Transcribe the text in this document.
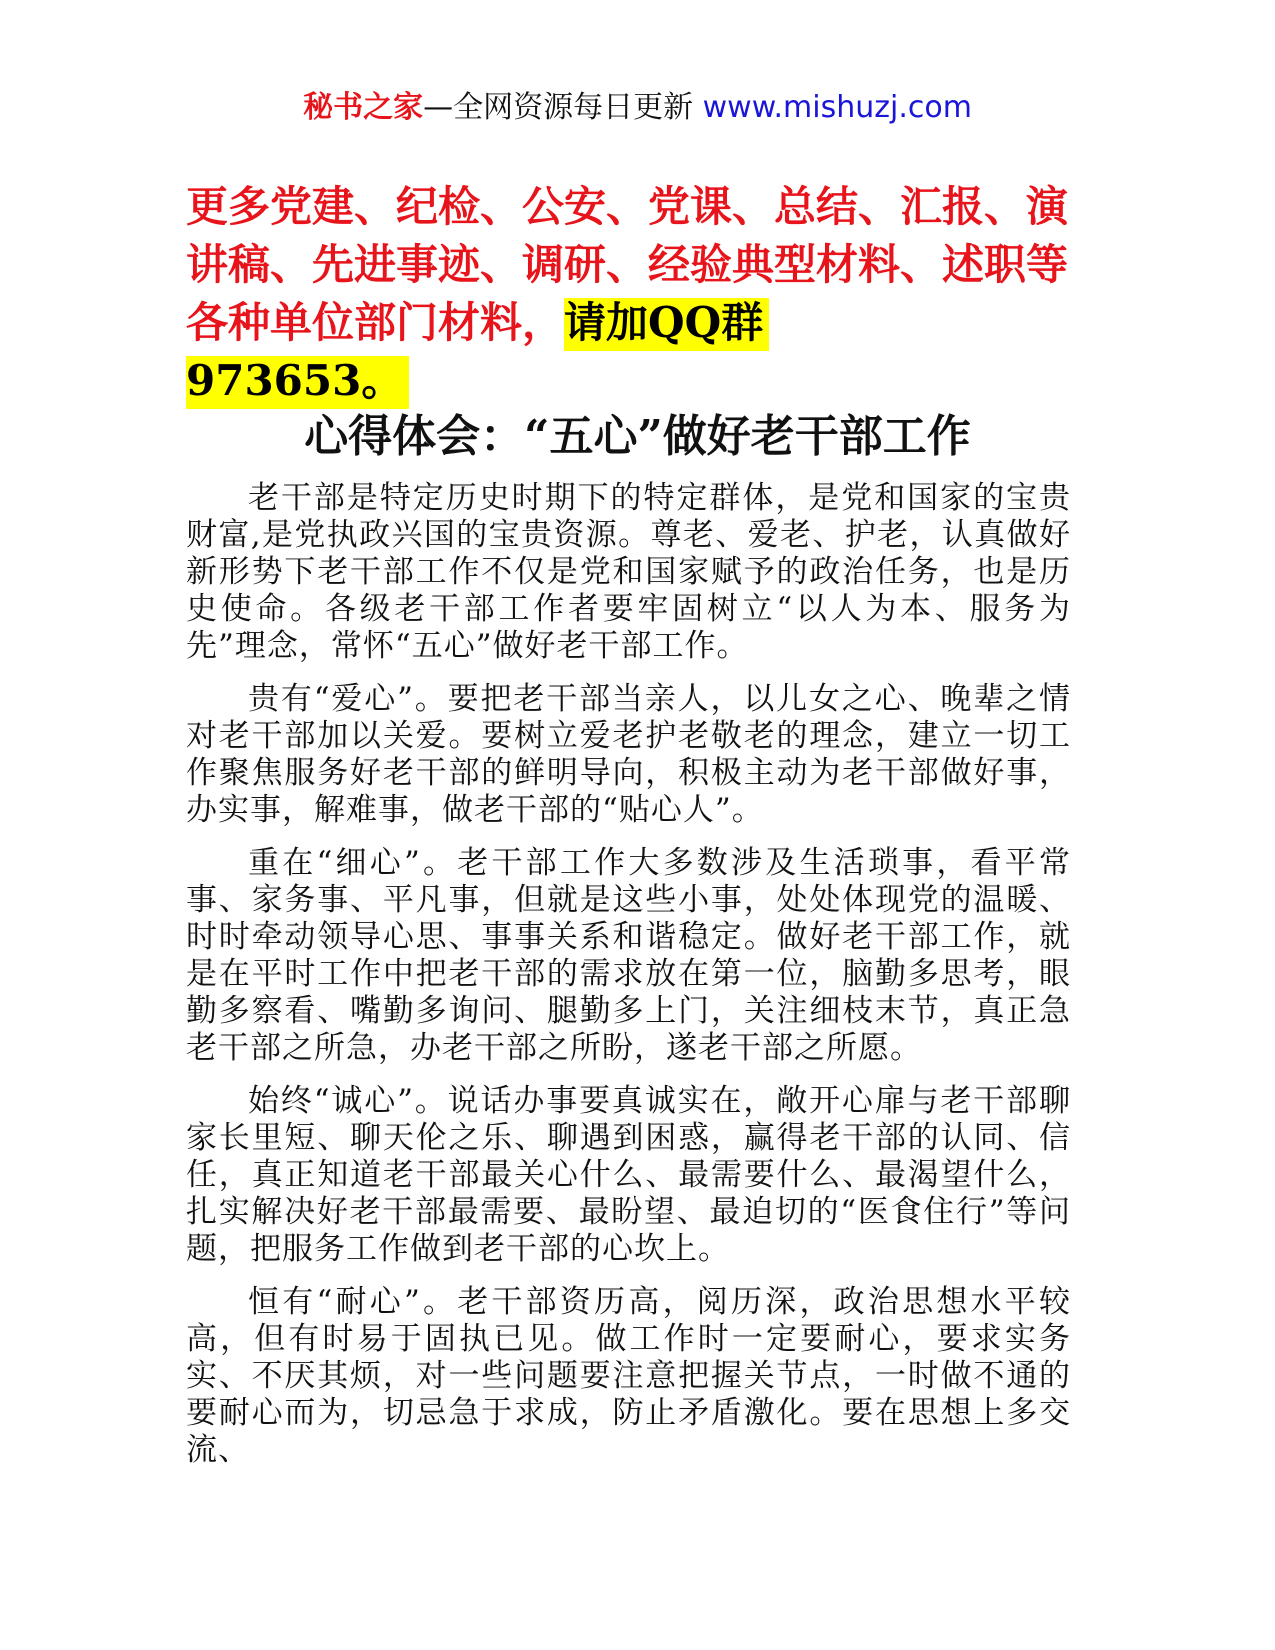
秘书之家—全网资源每日更新 www.mishuzj.com
更多党建、纪检、公安、党课、总结、汇报、演讲稿、先进事迹、调研、经验典型材料、述职等各种单位部门材料，请加QQ群
973653。
心得体会：“五心”做好老干部工作

老干部是特定历史时期下的特定群体，是党和国家的宝贵财富,是党执政兴国的宝贵资源。尊老、爱老、护老，认真做好新形势下老干部工作不仅是党和国家赋予的政治任务，也是历史使命。各级老干部工作者要牢固树立“以人为本、服务为先”理念，常怀“五心”做好老干部工作。

贵有“爱心”。要把老干部当亲人，以儿女之心、晚辈之情对老干部加以关爱。要树立爱老护老敬老的理念，建立一切工作聚焦服务好老干部的鲜明导向，积极主动为老干部做好事，办实事，解难事，做老干部的“贴心人”。

重在“细心”。老干部工作大多数涉及生活琐事，看平常事、家务事、平凡事，但就是这些小事，处处体现党的温暖、时时牵动领导心思、事事关系和谐稳定。做好老干部工作，就是在平时工作中把老干部的需求放在第一位，脑勤多思考，眼勤多察看、嘴勤多询问、腿勤多上门，关注细枝末节，真正急老干部之所急，办老干部之所盼，遂老干部之所愿。

始终“诚心”。说话办事要真诚实在，敞开心扉与老干部聊家长里短、聊天伦之乐、聊遇到困惑，赢得老干部的认同、信任，真正知道老干部最关心什么、最需要什么、最渴望什么，扎实解决好老干部最需要、最盼望、最迫切的“医食住行”等问题，把服务工作做到老干部的心坎上。

恒有“耐心”。老干部资历高，阅历深，政治思想水平较高，但有时易于固执已见。做工作时一定要耐心，要求实务实、不厌其烦，对一些问题要注意把握关节点，一时做不通的要耐心而为，切忌急于求成，防止矛盾激化。要在思想上多交流、
